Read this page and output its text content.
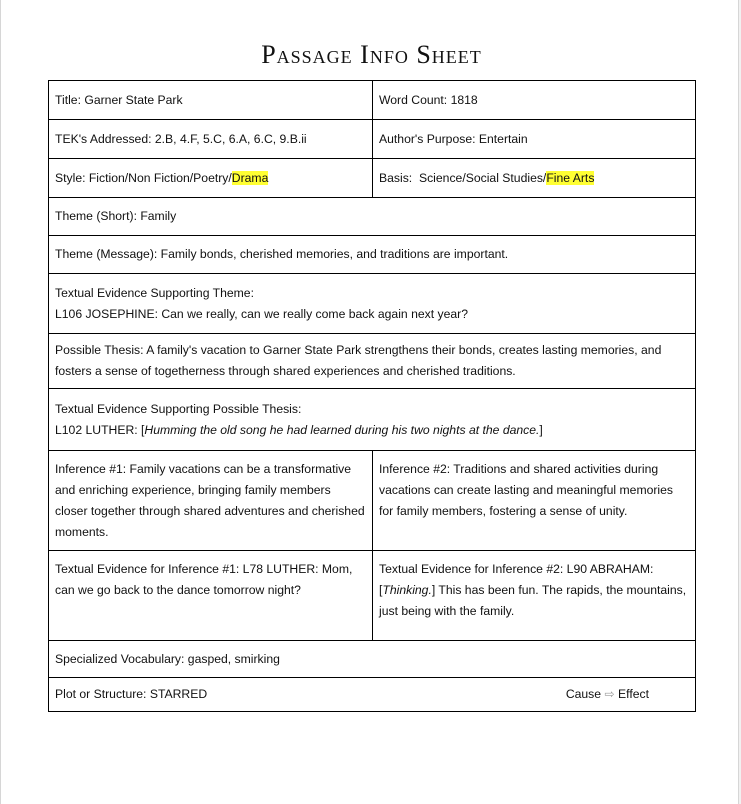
Passage Info Sheet
Title: Garner State Park	Word Count: 1818
TEK's Addressed: 2.B, 4.F, 5.C, 6.A, 6.C, 9.B.ii	Author's Purpose: Entertain
Style: Fiction/Non Fiction/Poetry/Drama	Basis:  Science/Social Studies/Fine Arts
Theme (Short): Family	
Theme (Message): Family bonds, cherished memories, and traditions are important.	

Textual Evidence Supporting Theme:
L106 JOSEPHINE: Can we really, can we really come back again next year?	

Possible Thesis: A family's vacation to Garner State Park strengthens their bonds, creates lasting memories, and fosters a sense of togetherness through shared experiences and cherished traditions.	

Textual Evidence Supporting Possible Thesis:
L102 LUTHER: [Humming the old song he had learned during his two nights at the dance.]	

Inference #1: Family vacations can be a transformative and enriching experience, bringing family members closer together through shared adventures and cherished moments.	Inference #2: Traditions and shared activities during vacations can create lasting and meaningful memories for family members, fostering a sense of unity.
Textual Evidence for Inference #1: L78 LUTHER: Mom, can we go back to the dance tomorrow night?	Textual Evidence for Inference #2: L90 ABRAHAM:
[Thinking.] This has been fun. The rapids, the mountains, just being with the family.

Specialized Vocabulary: gasped, smirking	

Plot or Structure: STARRED Cause ⇨ Effect	
